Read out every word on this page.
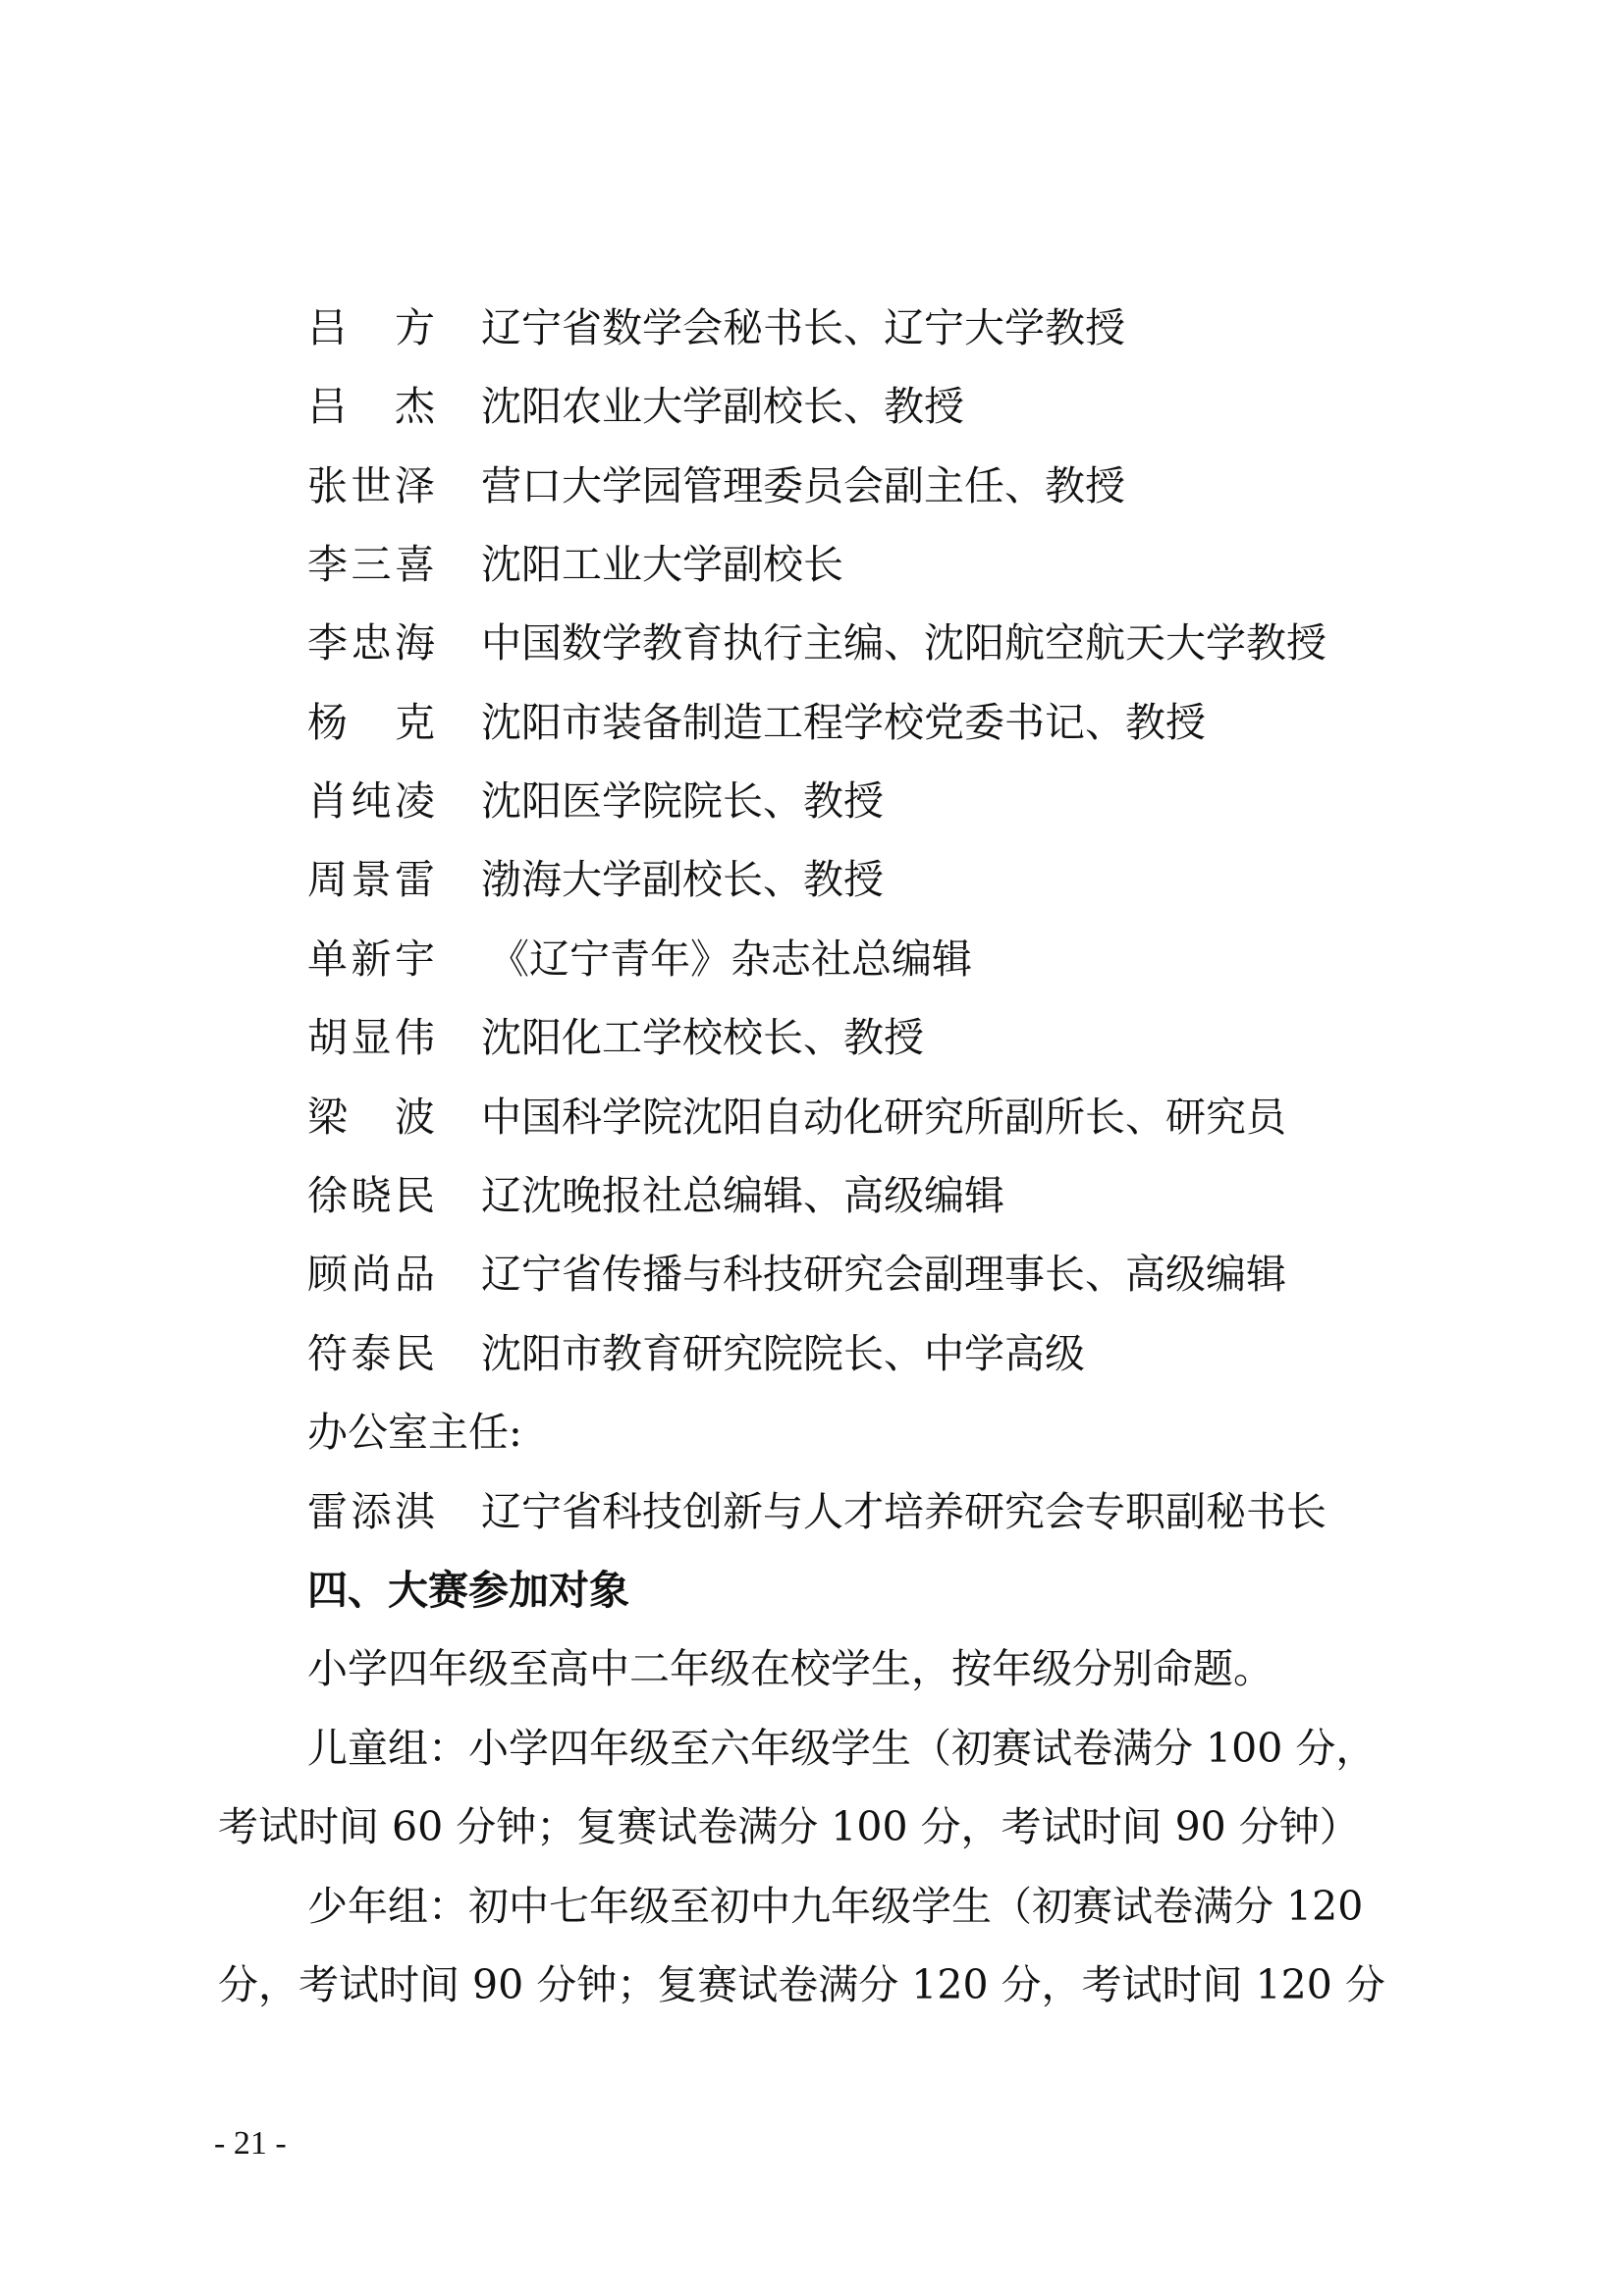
吕方 辽宁省数学会秘书长、辽宁大学教授
吕杰 沈阳农业大学副校长、教授
张世泽 营口大学园管理委员会副主任、教授
李三喜 沈阳工业大学副校长
李忠海 中国数学教育执行主编、沈阳航空航天大学教授
杨克 沈阳市装备制造工程学校党委书记、教授
肖纯凌 沈阳医学院院长、教授
周景雷 渤海大学副校长、教授
单新宇 《辽宁青年》杂志社总编辑
胡显伟 沈阳化工学校校长、教授
梁波 中国科学院沈阳自动化研究所副所长、研究员
徐晓民 辽沈晚报社总编辑、高级编辑
顾尚品 辽宁省传播与科技研究会副理事长、高级编辑
符泰民 沈阳市教育研究院院长、中学高级
办公室主任:
雷添淇 辽宁省科技创新与人才培养研究会专职副秘书长
四、大赛参加对象
小学四年级至高中二年级在校学生，按年级分别命题。
儿童组：小学四年级至六年级学生（初赛试卷满分 100 分，
考试时间 60 分钟；复赛试卷满分 100 分，考试时间 90 分钟）
少年组：初中七年级至初中九年级学生（初赛试卷满分 120
分，考试时间 90 分钟；复赛试卷满分 120 分，考试时间 120 分
- 21 -
